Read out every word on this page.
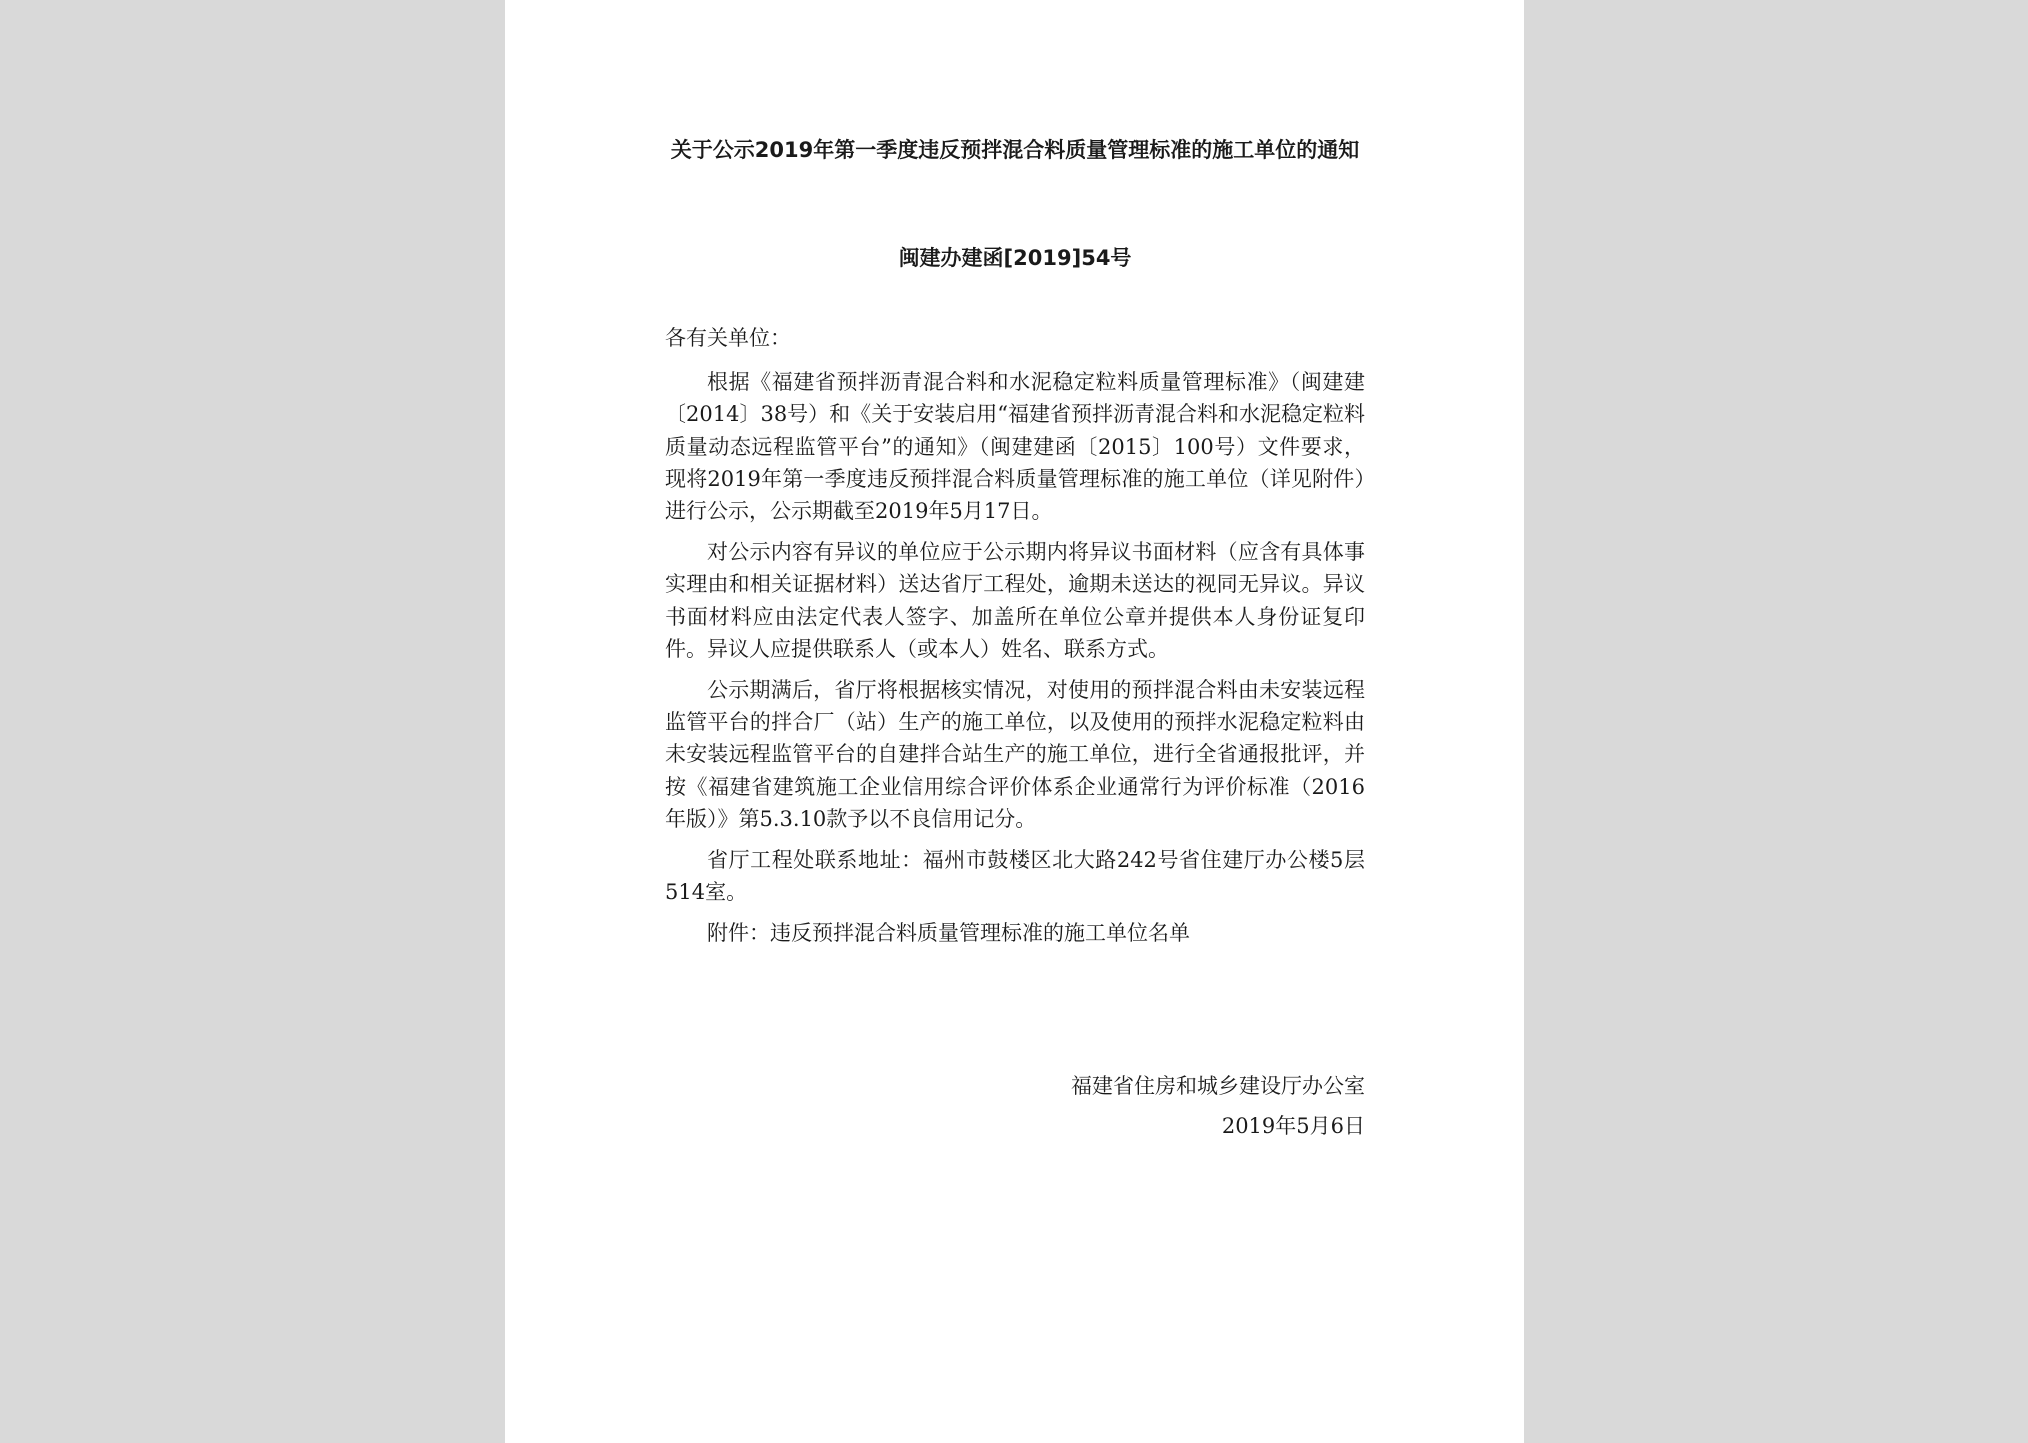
关于公示2019年第一季度违反预拌混合料质量管理标准的施工单位的通知
闽建办建函[2019]54号

各有关单位：

根据《福建省预拌沥青混合料和水泥稳定粒料质量管理标准》（闽建建〔2014〕38号）和《关于安装启用“福建省预拌沥青混合料和水泥稳定粒料质量动态远程监管平台”的通知》（闽建建函〔2015〕100号）文件要求，现将2019年第一季度违反预拌混合料质量管理标准的施工单位（详见附件）进行公示，公示期截至2019年5月17日。

对公示内容有异议的单位应于公示期内将异议书面材料（应含有具体事实理由和相关证据材料）送达省厅工程处，逾期未送达的视同无异议。异议书面材料应由法定代表人签字、加盖所在单位公章并提供本人身份证复印件。异议人应提供联系人（或本人）姓名、联系方式。

公示期满后，省厅将根据核实情况，对使用的预拌混合料由未安装远程监管平台的拌合厂（站）生产的施工单位，以及使用的预拌水泥稳定粒料由未安装远程监管平台的自建拌合站生产的施工单位，进行全省通报批评，并按《福建省建筑施工企业信用综合评价体系企业通常行为评价标准（2016年版）》第5.3.10款予以不良信用记分。

省厅工程处联系地址：福州市鼓楼区北大路242号省住建厅办公楼5层514室。

附件：违反预拌混合料质量管理标准的施工单位名单

福建省住房和城乡建设厅办公室
2019年5月6日
